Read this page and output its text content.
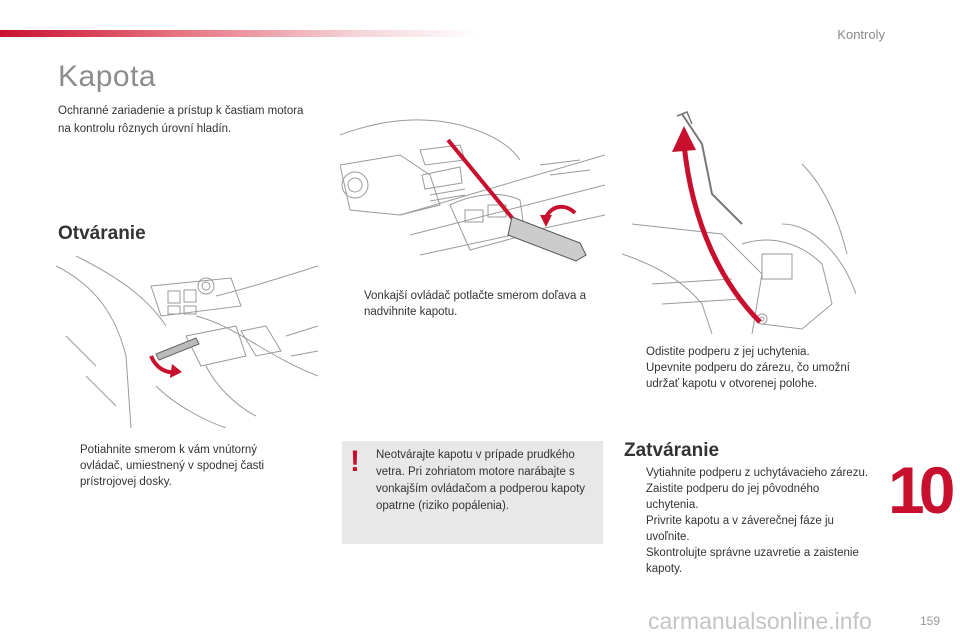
Kontroly
Kapota
Ochranné zariadenie a prístup k častiam motora na kontrolu rôznych úrovní hladín.
Otváranie
Potiahnite smerom k vám vnútorný ovládač, umiestnený v spodnej časti prístrojovej dosky.
Vonkajší ovládač potlačte smerom doľava a nadvihnite kapotu.
! Neotvárajte kapotu v prípade prudkého vetra. Pri zohriatom motore narábajte s vonkajším ovládačom a podperou kapoty opatrne (riziko popálenia).
Odistite podperu z jej uchytenia.
Upevnite podperu do zárezu, čo umožní udržať kapotu v otvorenej polohe.
Zatváranie
Vytiahnite podperu z uchytávacieho zárezu.
Zaistite podperu do jej pôvodného uchytenia.
Privrite kapotu a v záverečnej fáze ju uvoľnite.
Skontrolujte správne uzavretie a zaistenie kapoty.
10
carmanualsonline.info	159
